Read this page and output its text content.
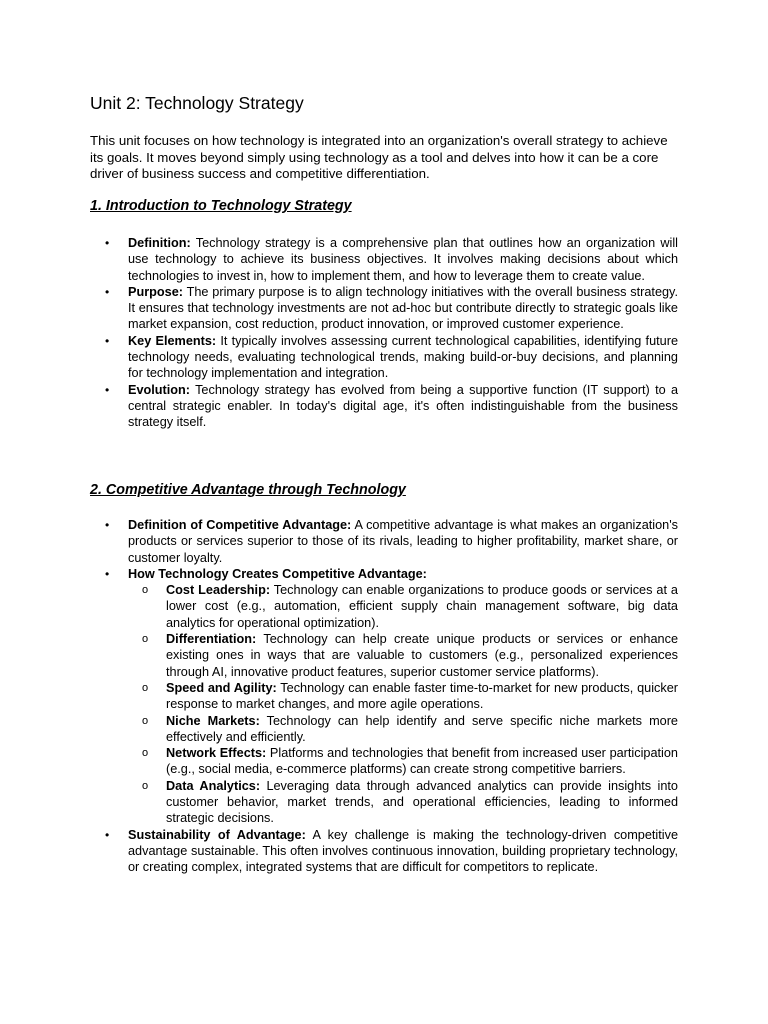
Unit 2: Technology Strategy

This unit focuses on how technology is integrated into an organization's overall strategy to achieve its goals. It moves beyond simply using technology as a tool and delves into how it can be a core driver of business success and competitive differentiation.

1. Introduction to Technology Strategy
• Definition: Technology strategy is a comprehensive plan that outlines how an organization will use technology to achieve its business objectives. It involves making decisions about which technologies to invest in, how to implement them, and how to leverage them to create value.
• Purpose: The primary purpose is to align technology initiatives with the overall business strategy. It ensures that technology investments are not ad-hoc but contribute directly to strategic goals like market expansion, cost reduction, product innovation, or improved customer experience.
• Key Elements: It typically involves assessing current technological capabilities, identifying future technology needs, evaluating technological trends, making build-or-buy decisions, and planning for technology implementation and integration.
• Evolution: Technology strategy has evolved from being a supportive function (IT support) to a central strategic enabler. In today's digital age, it's often indistinguishable from the business strategy itself.
2. Competitive Advantage through Technology
• Definition of Competitive Advantage: A competitive advantage is what makes an organization's products or services superior to those of its rivals, leading to higher profitability, market share, or customer loyalty.
• How Technology Creates Competitive Advantage:
o Cost Leadership: Technology can enable organizations to produce goods or services at a lower cost (e.g., automation, efficient supply chain management software, big data analytics for operational optimization).
o Differentiation: Technology can help create unique products or services or enhance existing ones in ways that are valuable to customers (e.g., personalized experiences through AI, innovative product features, superior customer service platforms).
o Speed and Agility: Technology can enable faster time-to-market for new products, quicker response to market changes, and more agile operations.
o Niche Markets: Technology can help identify and serve specific niche markets more effectively and efficiently.
o Network Effects: Platforms and technologies that benefit from increased user participation (e.g., social media, e-commerce platforms) can create strong competitive barriers.
o Data Analytics: Leveraging data through advanced analytics can provide insights into customer behavior, market trends, and operational efficiencies, leading to informed strategic decisions.
• Sustainability of Advantage: A key challenge is making the technology-driven competitive advantage sustainable. This often involves continuous innovation, building proprietary technology, or creating complex, integrated systems that are difficult for competitors to replicate.
